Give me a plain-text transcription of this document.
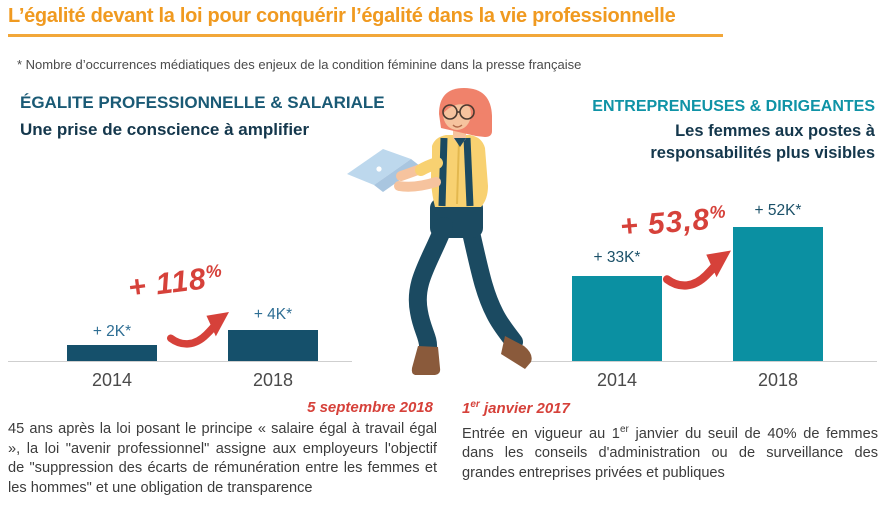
L’égalité devant la loi pour conquérir l’égalité dans la vie professionnelle

* Nombre d’occurrences médiatiques des enjeux de la condition féminine dans la presse française

ÉGALITE PROFESSIONNELLE & SALARIALE
Une prise de conscience à amplifier
ENTREPRENEUSES & DIRIGEANTES
Les femmes aux postes à
responsabilités plus visibles
+ 118%
+ 2K*
+ 4K*
2014	2018
+ 53,8%
+ 33K*
+ 52K*
2014	2018
5 septembre 2018 1er janvier 2017

45 ans après la loi posant le principe « salaire égal à travail égal », la loi "avenir professionnel" assigne aux employeurs l'objectif de "suppression des écarts de rémunération entre les femmes et les hommes" et une obligation de transparence

Entrée en vigueur au 1er janvier du seuil de 40% de femmes dans les conseils d'administration ou de surveillance des grandes entreprises privées et publiques
